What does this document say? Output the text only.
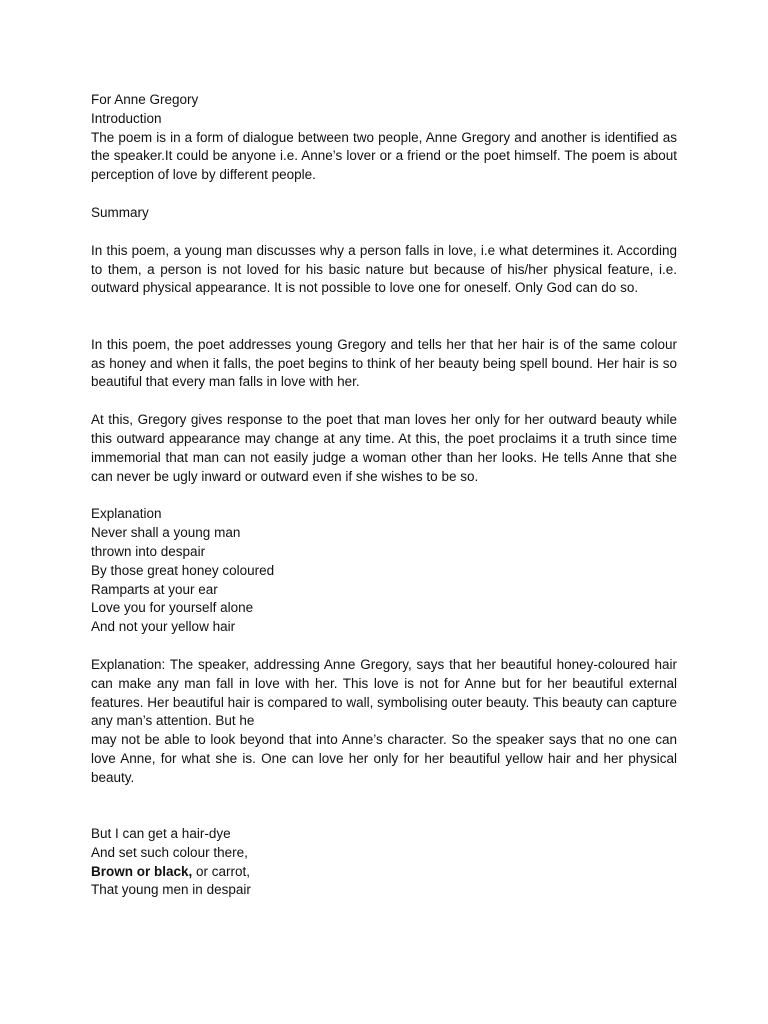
For Anne Gregory
Introduction

The poem is in a form of dialogue between two people, Anne Gregory and another is identified as the speaker.It could be anyone i.e. Anne’s lover or a friend or the poet himself. The poem is about perception of love by different people.

Summary

In this poem, a young man discusses why a person falls in love, i.e what determines it. According to them, a person is not loved for his basic nature but because of his/her physical feature, i.e. outward physical appearance. It is not possible to love one for oneself. Only God can do so.

In this poem, the poet addresses young Gregory and tells her that her hair is of the same colour as honey and when it falls, the poet begins to think of her beauty being spell bound. Her hair is so beautiful that every man falls in love with her.

At this, Gregory gives response to the poet that man loves her only for her outward beauty while this outward appearance may change at any time. At this, the poet proclaims it a truth since time immemorial that man can not easily judge a woman other than her looks. He tells Anne that she can never be ugly inward or outward even if she wishes to be so.

Explanation
Never shall a young man
thrown into despair
By those great honey coloured
Ramparts at your ear
Love you for yourself alone
And not your yellow hair

Explanation: The speaker, addressing Anne Gregory, says that her beautiful honey-coloured hair can make any man fall in love with her. This love is not for Anne but for her beautiful external features. Her beautiful hair is compared to wall, symbolising outer beauty. This beauty can capture any man’s attention. But he

may not be able to look beyond that into Anne’s character. So the speaker says that no one can love Anne, for what she is. One can love her only for her beautiful yellow hair and her physical beauty.

But I can get a hair-dye
And set such colour there,
Brown or black, or carrot,
That young men in despair
